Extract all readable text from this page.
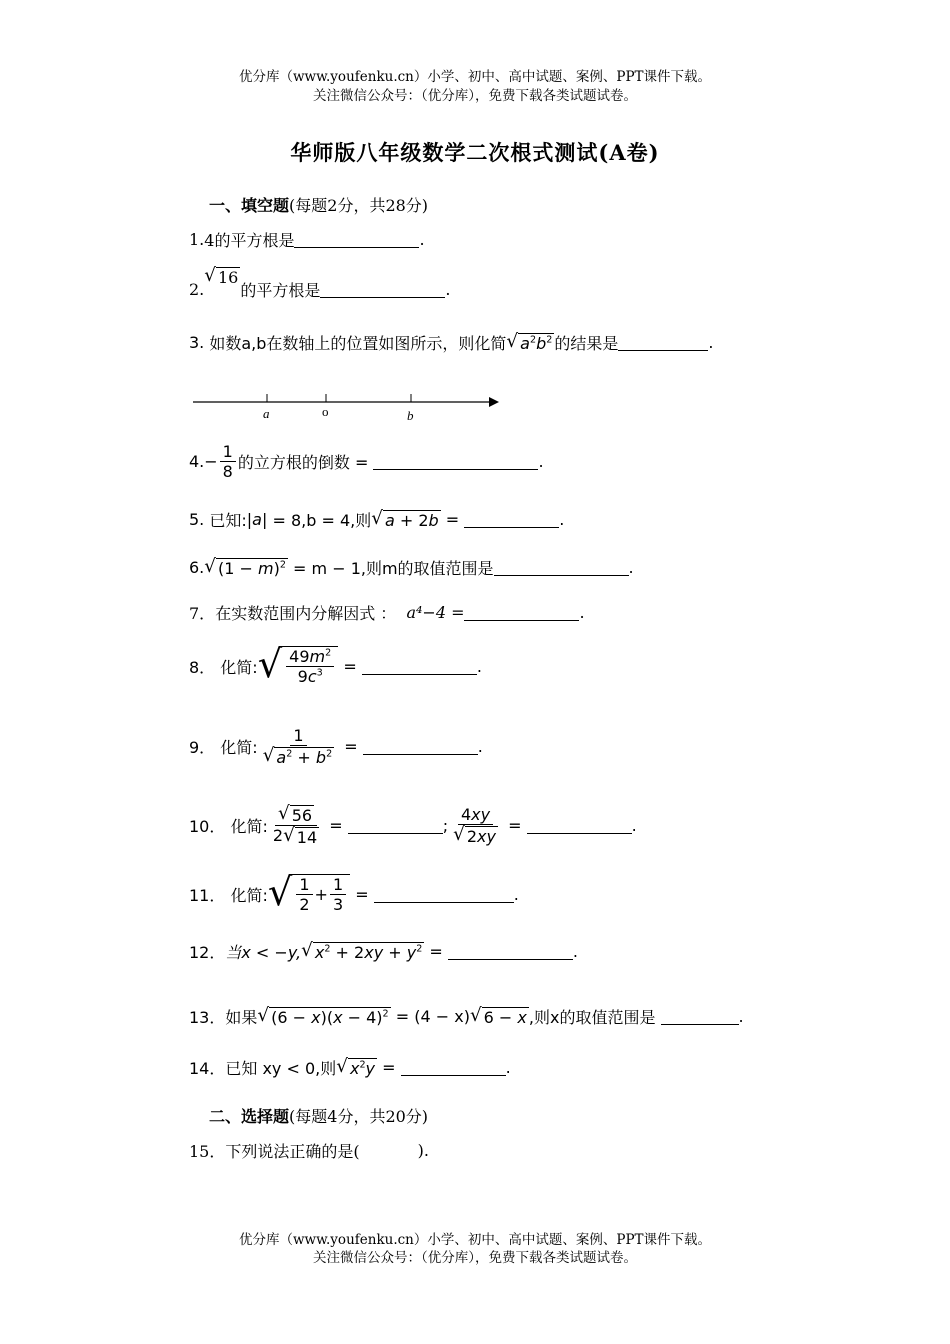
优分库（www.youfenku.cn）小学、初中、高中试题、案例、PPT课件下载。
关注微信公众号：（优分库），免费下载各类试题试卷。
华师版八年级数学二次根式测试(A卷)
一、填空题(每题2分，共28分)
1. 4的平方根是	.
2.
√ 16
的平方根是	.
3.
如数a,b在数轴上的位置如图所示，则化简 √ $a^2b^2$ 的结果是	.
a	o	b
4. − $\frac{1}{8}$ 的立方根的倒数 =
	.
5.
已知: |a|
= 8,b = 4,则 √ a + 2b
=
	.
6. √ $(1 - m)^2$
= m − 1,则m的取值范围是	.
7． 在实数范围内分解因式 ：
a⁴−4 =	.
8．
化简: √ $\frac{49m^2}{9c^3}$
=
	.
9．
化简: $\frac{1}{√ a^2 + b^2}$
=
	.
10．
化简: $\frac{√ 56}{2 √ 14}$
=
	; $\frac{4xy}{√ 2xy}$
=
	.
11．
化简: √ $\frac{1}{2} + \frac{1}{3}$
=
	.
12． 当x < −y, √ $x^2 + 2xy + y^2$
=
	.
13． 如果 √ $(6 - x)(x - 4)^2$
= (4 − x) √ 6 − x ,则x的取值范围是
	.
14． 已知 xy < 0,则 √ $x^2y$
=
	.
二、选择题(每题4分，共20分)
15． 下列说法正确的是(	).
优分库（www.youfenku.cn）小学、初中、高中试题、案例、PPT课件下载。
关注微信公众号：（优分库），免费下载各类试题试卷。
